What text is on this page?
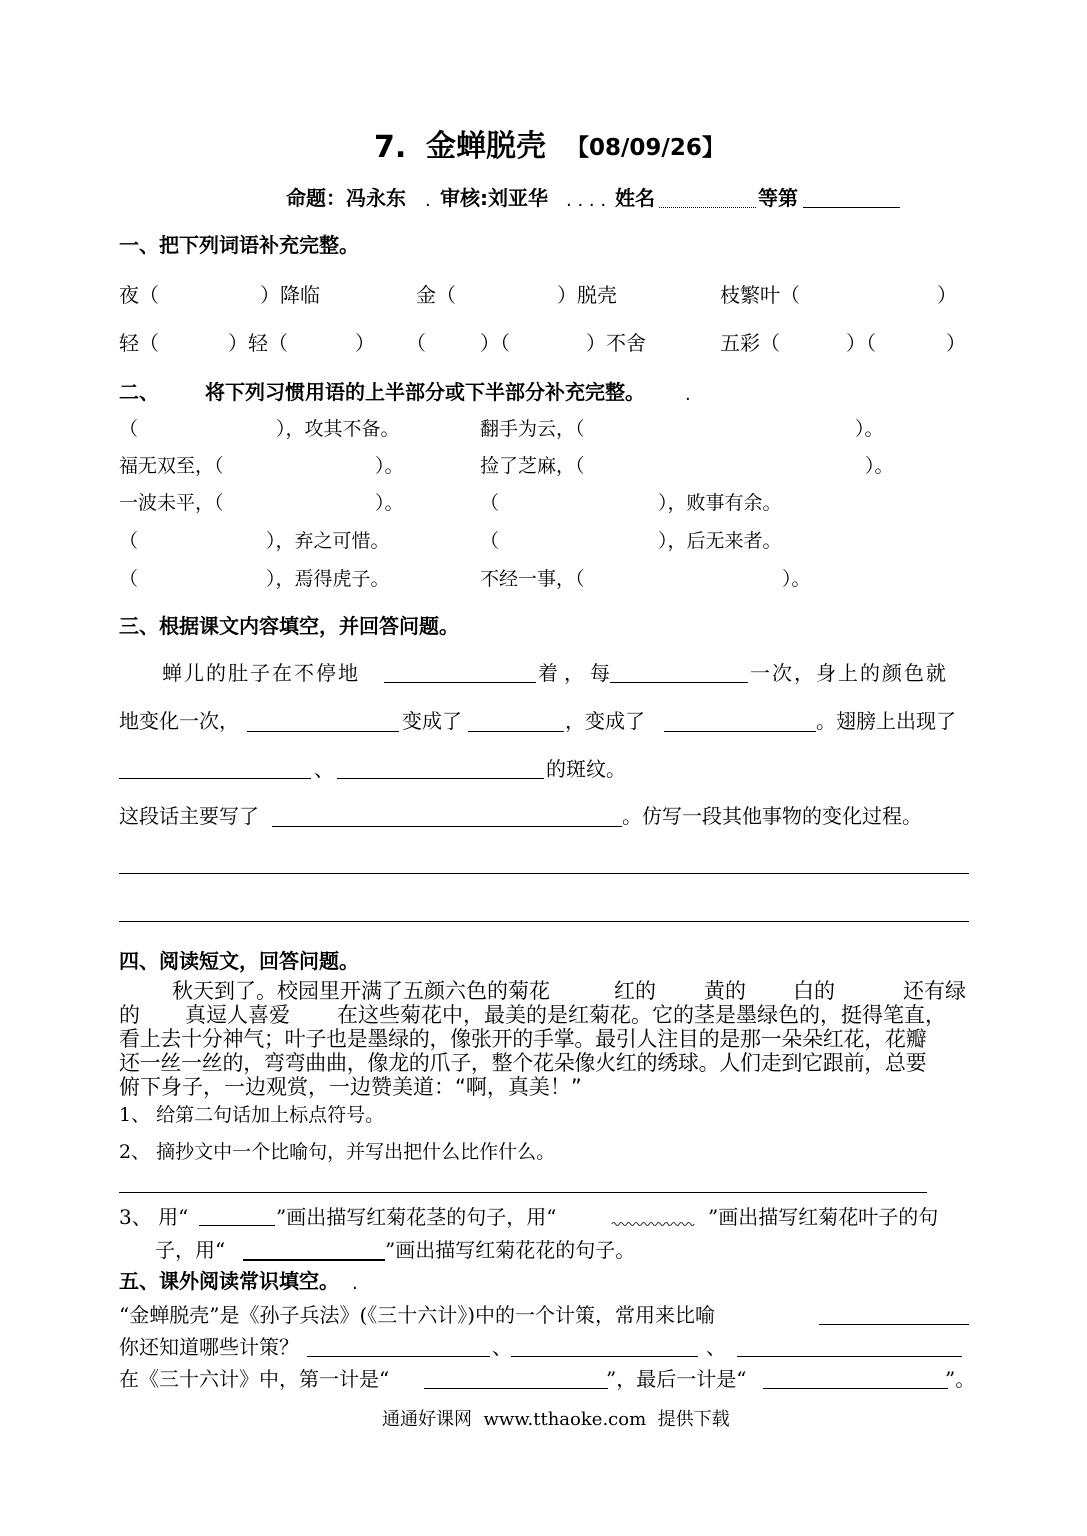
7. 金蝉脱壳 【08/09/26】
命题：冯永东 . 审核:刘亚华 . . . . 姓名	等第
一、把下列词语补充完整。
夜（	）降临	金（	）脱壳	枝繁叶（	）
轻（	）轻（	） （	）（	）不舍	五彩（	）（	）
二、 将下列习惯用语的上半部分或下半部分补充完整。 .
（	），攻其不备。	翻手为云，（	）。
福无双至，（	）。	捡了芝麻，（	）。
一波未平，（	）。	（	），败事有余。
（	），弃之可惜。	（	），后无来者。
（	），焉得虎子。	不经一事，（	）。
三、根据课文内容填空，并回答问题。
蝉儿的肚子在不停地	着，每	一次，身上的颜色就
地变化一次，	变成了	，变成了	。翅膀上出现了
、	的斑纹。
这段话主要写了	。仿写一段其他事物的变化过程。
四、阅读短文，回答问题。
秋天到了。校园里开满了五颜六色的菊花	红的 黄的 白的	还有绿
的 真逗人喜爱 在这些菊花中，最美的是红菊花。它的茎是墨绿色的，挺得笔直，
看上去十分神气；叶子也是墨绿的，像张开的手掌。最引人注目的是那一朵朵红花，花瓣
还一丝一丝的，弯弯曲曲，像龙的爪子，整个花朵像火红的绣球。人们走到它跟前，总要
俯下身子，一边观赏，一边赞美道：“啊，真美！”
1、 给第二句话加上标点符号。
2、 摘抄文中一个比喻句，并写出把什么比作什么。
3、 用“	”画出描写红菊花茎的句子，用“	”画出描写红菊花叶子的句
子，用“	”画出描写红菊花花的句子。
五、课外阅读常识填空。 .
“金蝉脱壳”是《孙子兵法》(《三十六计》)中的一个计策，常用来比喻
你还知道哪些计策？	、	、
在《三十六计》中，第一计是“	”，最后一计是“	”。
通通好课网  www.tthaoke.com  提供下载
